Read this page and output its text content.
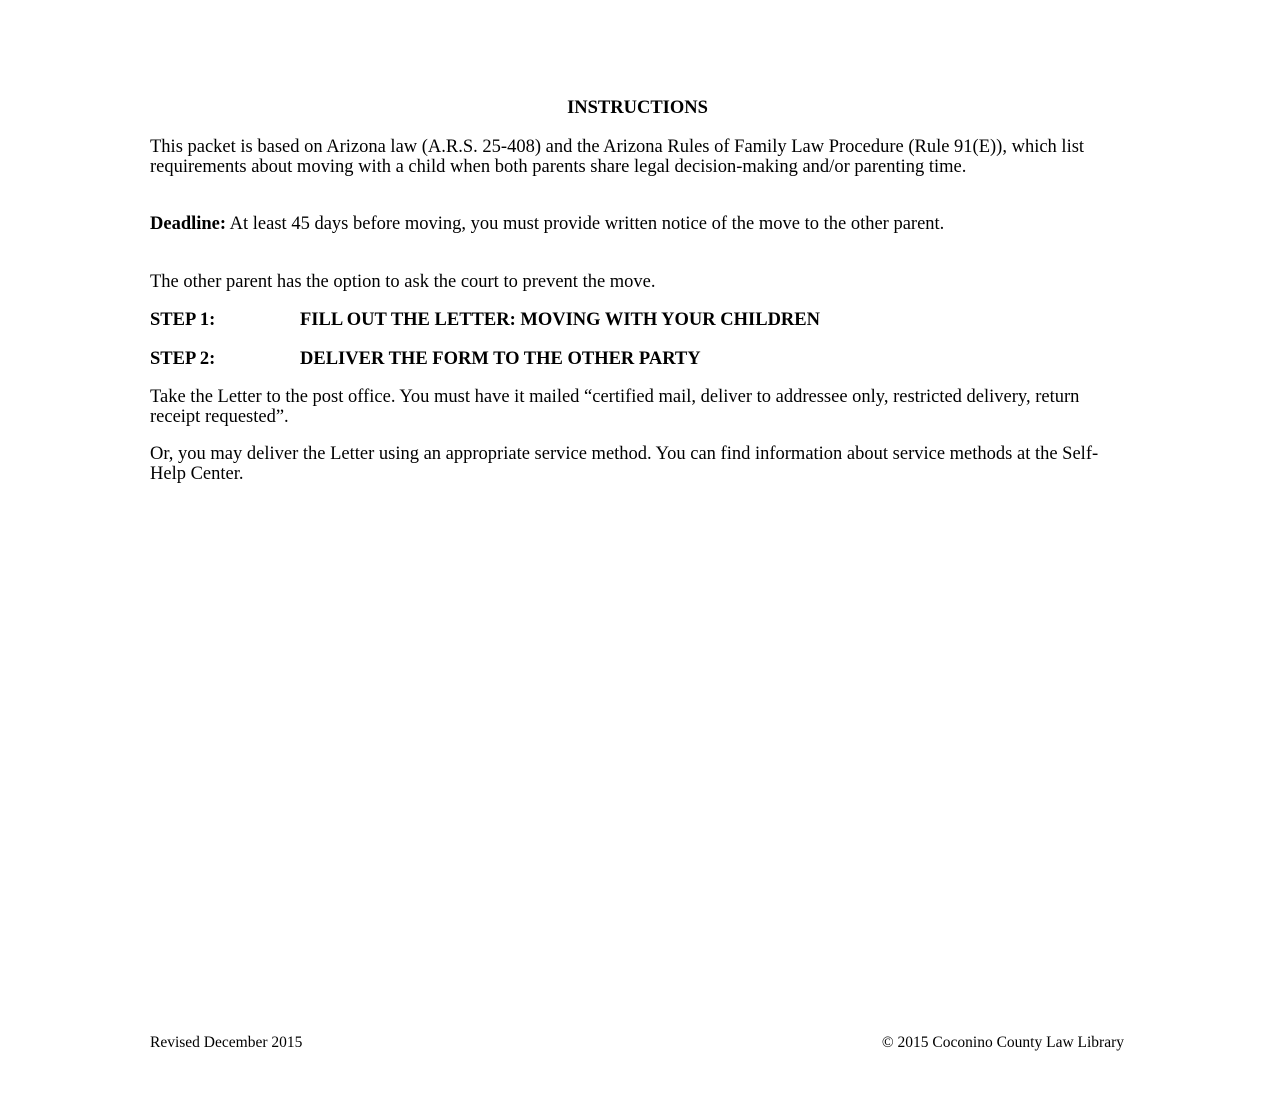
INSTRUCTIONS
This packet is based on Arizona law (A.R.S. 25-408) and the Arizona Rules of Family Law Procedure (Rule 91(E)), which list requirements about moving with a child when both parents share legal decision-making and/or parenting time.
Deadline: At least 45 days before moving, you must provide written notice of the move to the other parent.
The other parent has the option to ask the court to prevent the move.
STEP 1:	FILL OUT THE LETTER: MOVING WITH YOUR CHILDREN
STEP 2:	DELIVER THE FORM TO THE OTHER PARTY
Take the Letter to the post office. You must have it mailed “certified mail, deliver to addressee only, restricted delivery, return receipt requested”.
Or, you may deliver the Letter using an appropriate service method. You can find information about service methods at the Self-Help Center.
Revised December 2015	© 2015 Coconino County Law Library
